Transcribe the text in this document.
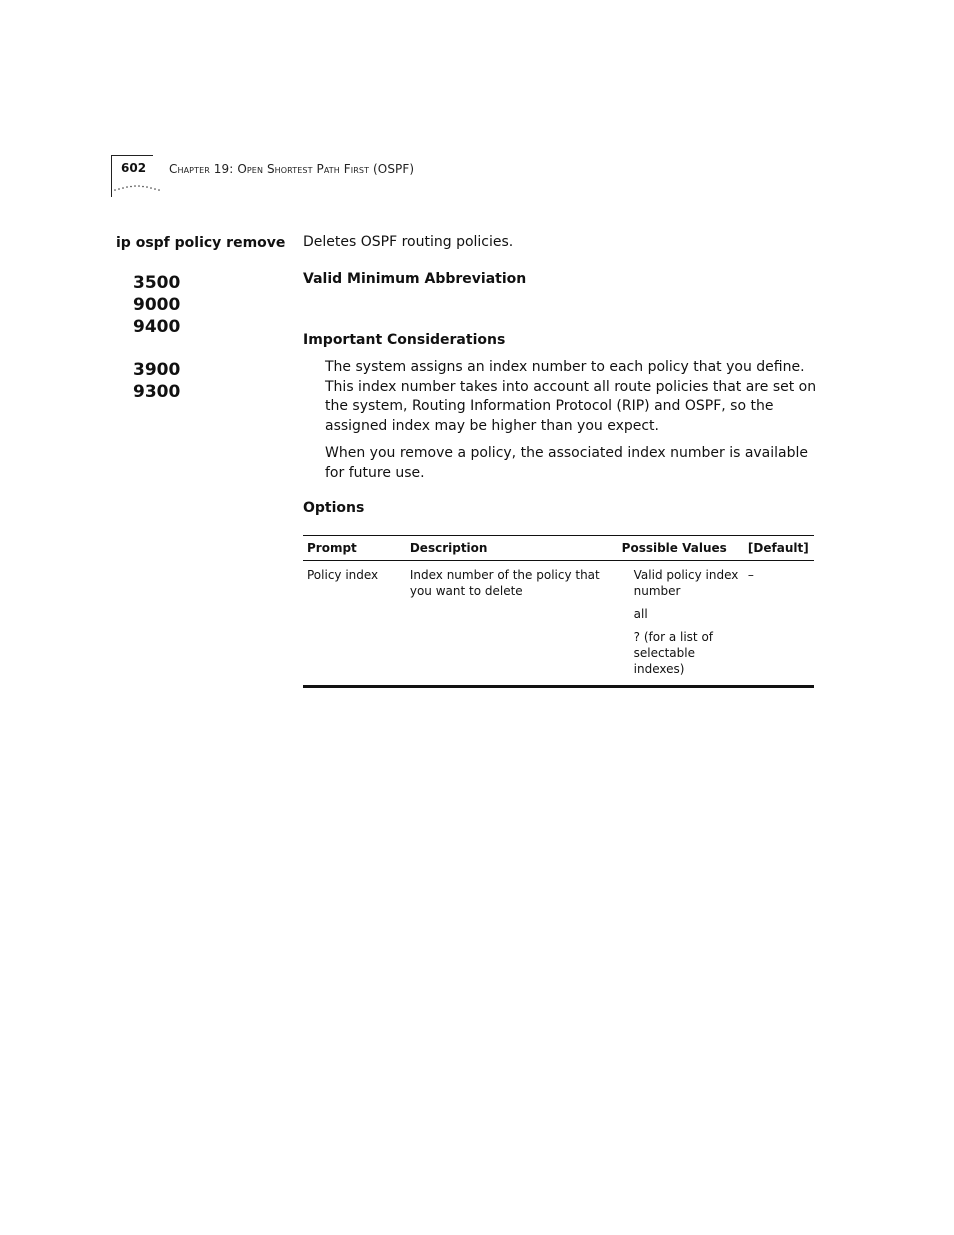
602 Chapter 19: Open Shortest Path First (OSPF)
ip ospf policy remove
3500
9000
9400
3900
9300
Deletes OSPF routing policies.
Valid Minimum Abbreviation
Important Considerations
The system assigns an index number to each policy that you define. This index number takes into account all route policies that are set on the system, Routing Information Protocol (RIP) and OSPF, so the assigned index may be higher than you expect.
When you remove a policy, the associated index number is available for future use.
Options
Prompt	Description	Possible Values	[Default]
Policy index	Index number of the policy that you want to delete	Valid policy index number
all
? (for a list of selectable indexes)	–
